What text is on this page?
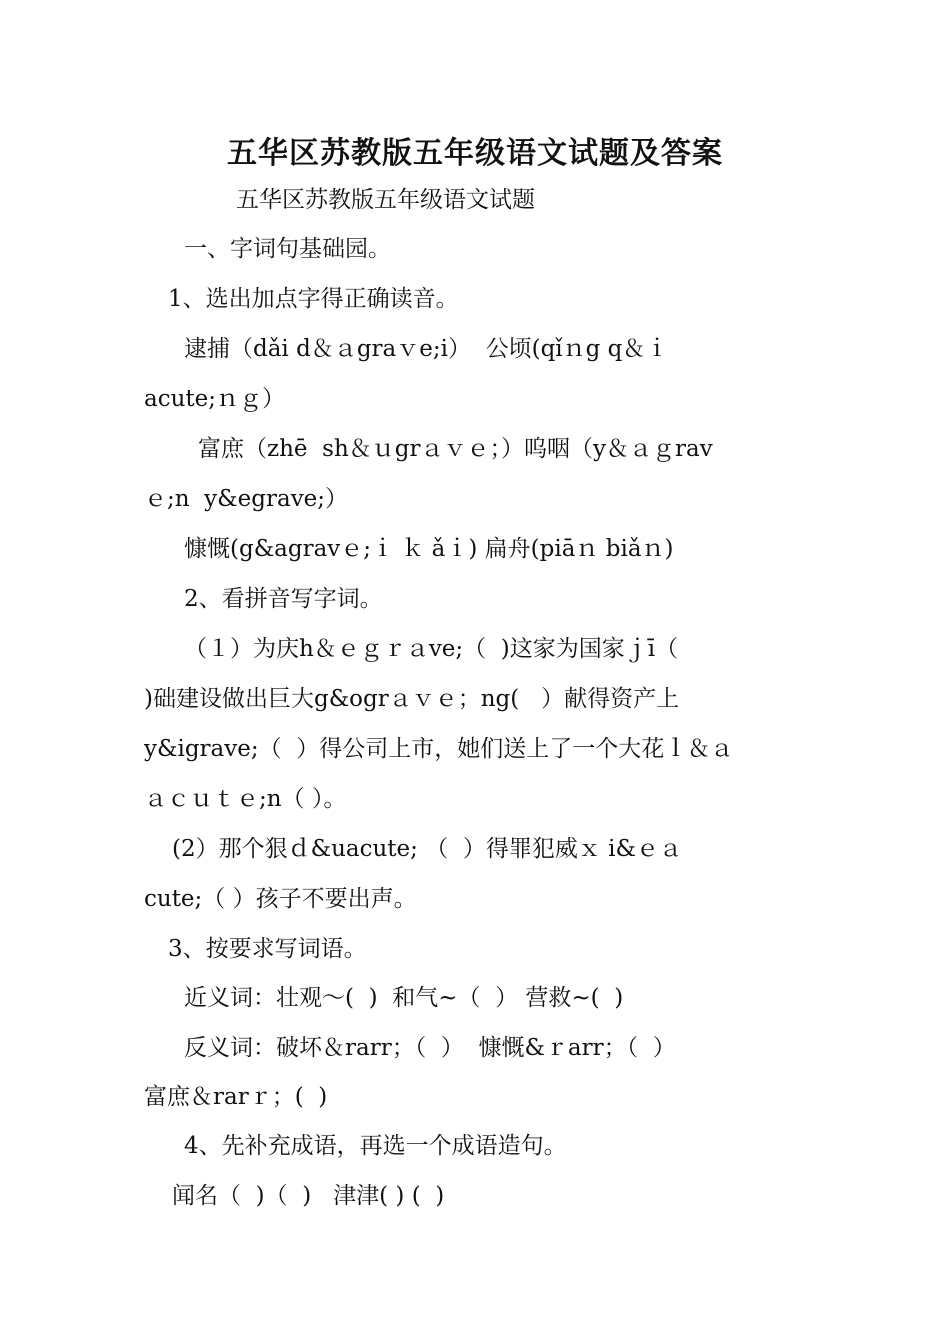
五华区苏教版五年级语文试题及答案
五华区苏教版五年级语文试题
一、字词句基础园。
1、选出加点字得正确读音。
逮捕（dǎi d＆ａgraｖe;i）  公顷(qǐｎg q＆ｉ
acute;ｎｇ）
富庶（zhē  sh＆ｕgrａｖｅ；）呜咽（y＆ａｇrav
ｅ;n  y&egrave;）
慷慨(g&agravｅ;ｉ ｋ ǎｉ) 扁舟(piāｎ biǎｎ)
2、看拼音写字词。
（１）为庆h＆ｅｇｒａve;（  )这家为国家ｊī（
)础建设做出巨大g&ogrａｖｅ；ng(   ）献得资产上
y&igrave;（  ）得公司上市，她们送上了一个大花ｌ＆ａ
ａｃｕｔｅ;n（ ）。
(2）那个狠ｄ&uacute; （  ）得罪犯威ｘ i&ｅａ
cute;（ ）孩子不要出声。
3、按要求写词语。
近义词：壮观～(  )  和气~（  ） 营救~(  )
反义词：破坏＆rarr；（  ）  慷慨&ｒarr；（  ）
富庶＆rarｒ；(  )
4、先补充成语，再选一个成语造句。
闻名（  )（  )   津津( ) (  )
